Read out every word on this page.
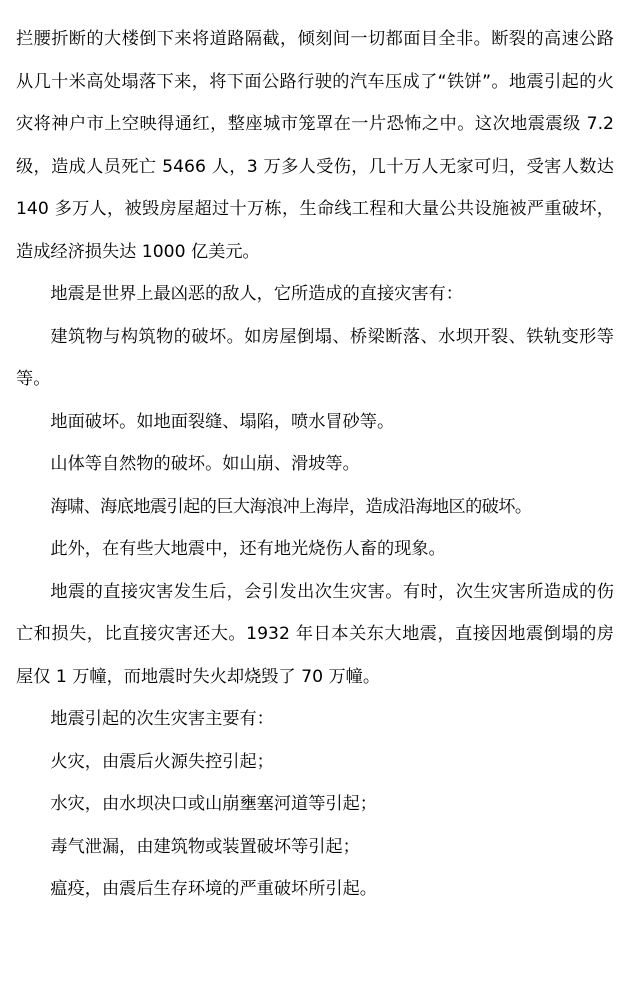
拦腰折断的大楼倒下来将道路隔截，倾刻间一切都面目全非。断裂的高速公路从几十米高处塌落下来，将下面公路行驶的汽车压成了“铁饼”。地震引起的火灾将神户市上空映得通红，整座城市笼罩在一片恐怖之中。这次地震震级 7.2 级，造成人员死亡 5466 人，3 万多人受伤，几十万人无家可归，受害人数达 140 多万人，被毁房屋超过十万栋，生命线工程和大量公共设施被严重破坏，造成经济损失达 1000 亿美元。

地震是世界上最凶恶的敌人，它所造成的直接灾害有：

建筑物与构筑物的破坏。如房屋倒塌、桥梁断落、水坝开裂、铁轨变形等等。

地面破坏。如地面裂缝、塌陷，喷水冒砂等。

山体等自然物的破坏。如山崩、滑坡等。

海啸、海底地震引起的巨大海浪冲上海岸，造成沿海地区的破坏。

此外，在有些大地震中，还有地光烧伤人畜的现象。

地震的直接灾害发生后，会引发出次生灾害。有时，次生灾害所造成的伤亡和损失，比直接灾害还大。1932 年日本关东大地震，直接因地震倒塌的房屋仅 1 万幢，而地震时失火却烧毁了 70 万幢。

地震引起的次生灾害主要有：

火灾，由震后火源失控引起；

水灾，由水坝决口或山崩壅塞河道等引起；

毒气泄漏，由建筑物或装置破坏等引起；

瘟疫，由震后生存环境的严重破坏所引起。
